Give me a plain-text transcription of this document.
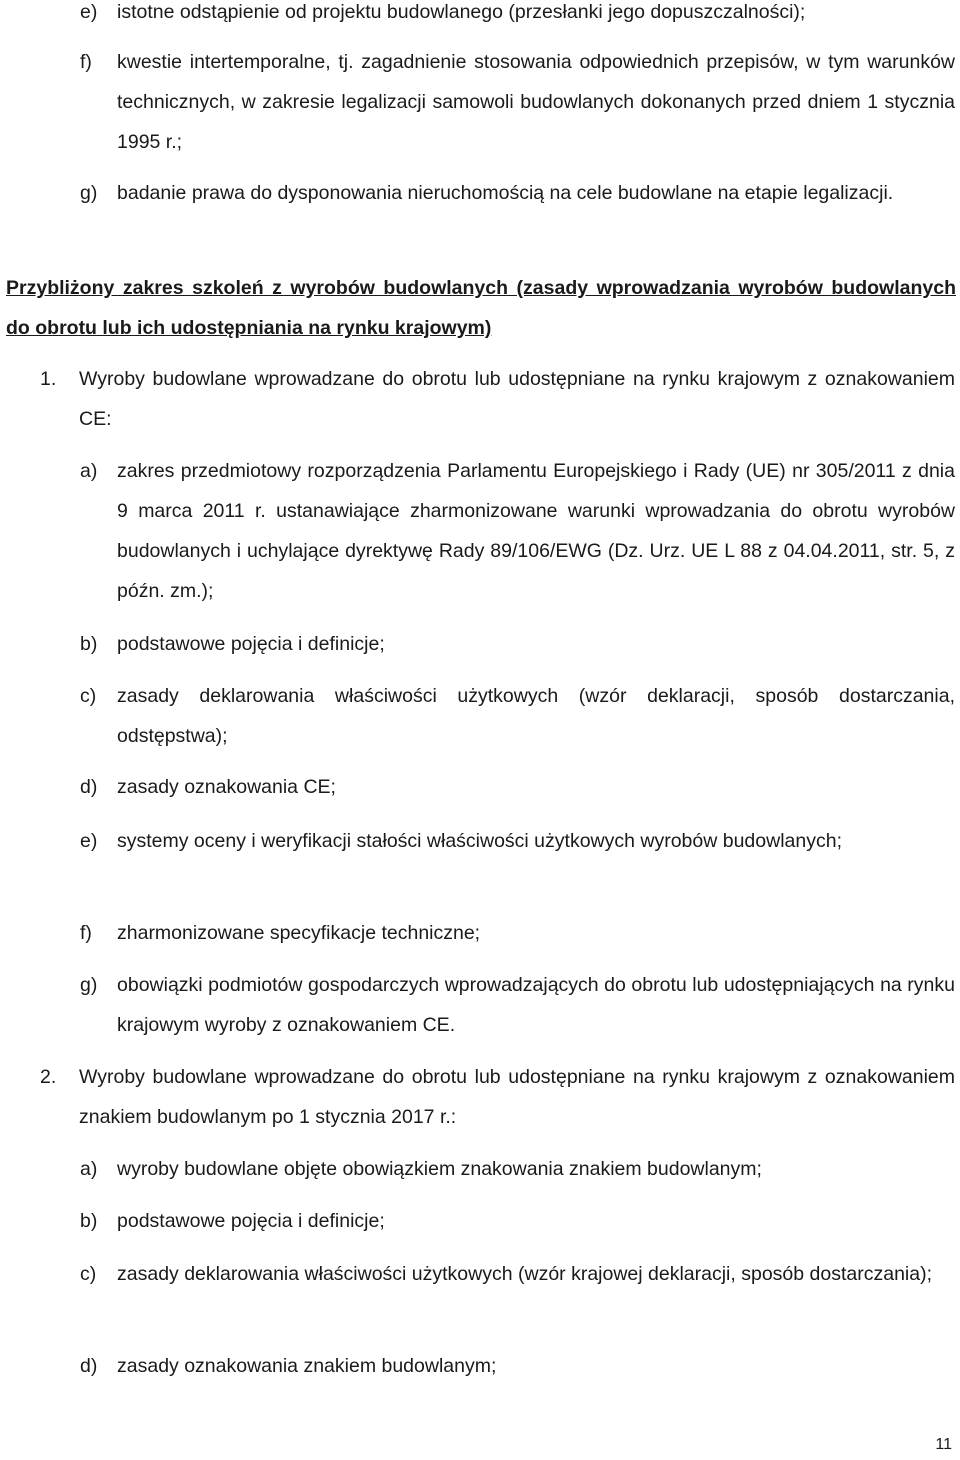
e) istotne odstąpienie od projektu budowlanego (przesłanki jego dopuszczalności);
f) kwestie intertemporalne, tj. zagadnienie stosowania odpowiednich przepisów, w tym warunków technicznych, w zakresie legalizacji samowoli budowlanych dokonanych przed dniem 1 stycznia 1995 r.;
g) badanie prawa do dysponowania nieruchomością na cele budowlane na etapie legalizacji.
Przybliżony zakres szkoleń z wyrobów budowlanych (zasady wprowadzania wyrobów budowlanych do obrotu lub ich udostępniania na rynku krajowym)
1. Wyroby budowlane wprowadzane do obrotu lub udostępniane na rynku krajowym z oznakowaniem CE:
a) zakres przedmiotowy rozporządzenia Parlamentu Europejskiego i Rady (UE) nr 305/2011 z dnia 9 marca 2011 r. ustanawiające zharmonizowane warunki wprowadzania do obrotu wyrobów budowlanych i uchylające dyrektywę Rady 89/106/EWG (Dz. Urz. UE L 88 z 04.04.2011, str. 5, z późn. zm.);
b) podstawowe pojęcia i definicje;
c) zasady deklarowania właściwości użytkowych (wzór deklaracji, sposób dostarczania, odstępstwa);
d) zasady oznakowania CE;
e) systemy oceny i weryfikacji stałości właściwości użytkowych wyrobów budowlanych;
f) zharmonizowane specyfikacje techniczne;
g) obowiązki podmiotów gospodarczych wprowadzających do obrotu lub udostępniających na rynku krajowym wyroby z oznakowaniem CE.
2. Wyroby budowlane wprowadzane do obrotu lub udostępniane na rynku krajowym z oznakowaniem znakiem budowlanym po 1 stycznia 2017 r.:
a) wyroby budowlane objęte obowiązkiem znakowania znakiem budowlanym;
b) podstawowe pojęcia i definicje;
c) zasady deklarowania właściwości użytkowych (wzór krajowej deklaracji, sposób dostarczania);
d) zasady oznakowania znakiem budowlanym;
11
